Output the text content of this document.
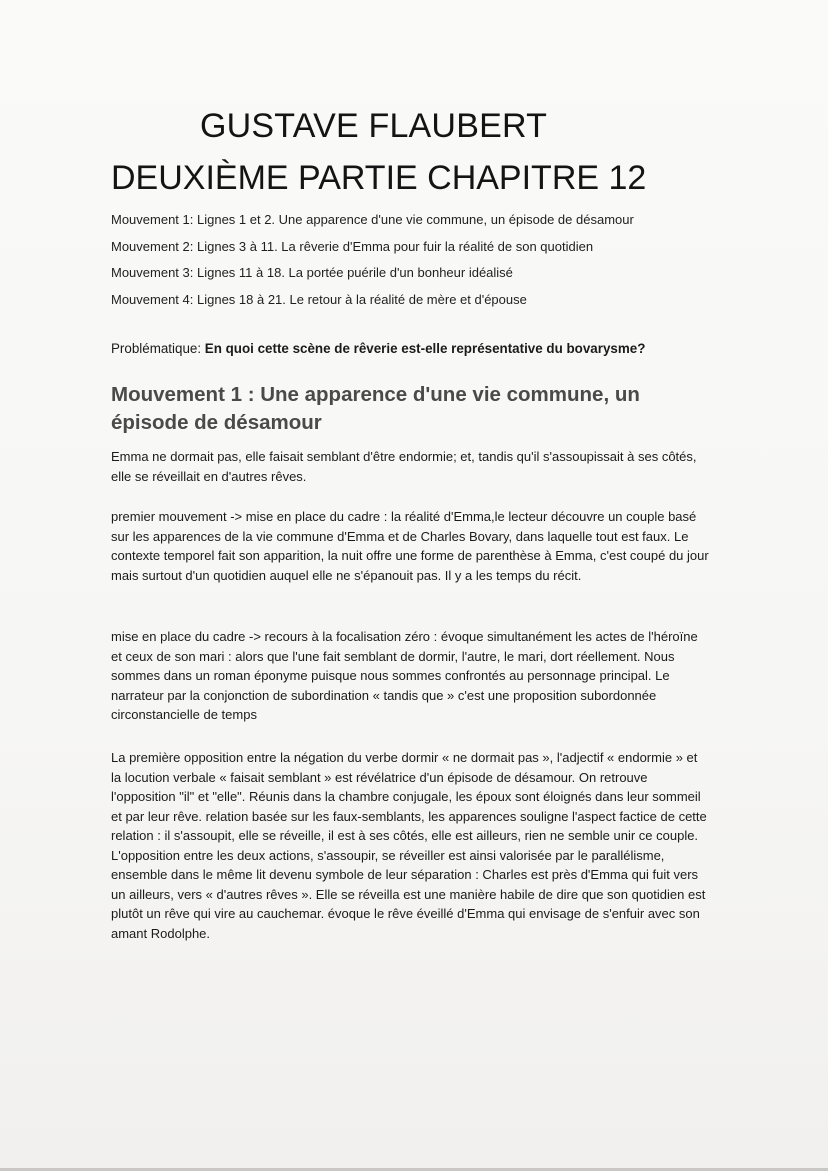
GUSTAVE FLAUBERT
DEUXIÈME PARTIE CHAPITRE 12
Mouvement 1: Lignes 1 et 2. Une apparence d'une vie commune, un épisode de désamour
Mouvement 2: Lignes 3 à 11. La rêverie d'Emma pour fuir la réalité de son quotidien
Mouvement 3: Lignes 11 à 18. La portée puérile d'un bonheur idéalisé
Mouvement 4: Lignes 18 à 21. Le retour à la réalité de mère et d'épouse
Problématique: En quoi cette scène de rêverie est-elle représentative du bovarysme?
Mouvement 1 : Une apparence d'une vie commune, un épisode de désamour

Emma ne dormait pas, elle faisait semblant d'être endormie; et, tandis qu'il s'assoupissait à ses côtés, elle se réveillait en d'autres rêves.

premier mouvement -> mise en place du cadre : la réalité d'Emma,le lecteur découvre un couple basé sur les apparences de la vie commune d'Emma et de Charles Bovary, dans laquelle tout est faux. Le contexte temporel fait son apparition, la nuit offre une forme de parenthèse à Emma, c'est coupé du jour mais surtout d'un quotidien auquel elle ne s'épanouit pas. Il y a les temps du récit.

mise en place du cadre -> recours à la focalisation zéro : évoque simultanément les actes de l'héroïne et ceux de son mari : alors que l'une fait semblant de dormir, l'autre, le mari, dort réellement. Nous sommes dans un roman éponyme puisque nous sommes confrontés au personnage principal. Le narrateur par la conjonction de subordination « tandis que » c'est une proposition subordonnée circonstancielle de temps

La première opposition entre la négation du verbe dormir « ne dormait pas », l'adjectif « endormie » et la locution verbale « faisait semblant » est révélatrice d'un épisode de désamour. On retrouve l'opposition "il" et "elle". Réunis dans la chambre conjugale, les époux sont éloignés dans leur sommeil et par leur rêve. relation basée sur les faux-semblants, les apparences souligne l'aspect factice de cette relation : il s'assoupit, elle se réveille, il est à ses côtés, elle est ailleurs, rien ne semble unir ce couple. L'opposition entre les deux actions, s'assoupir, se réveiller est ainsi valorisée par le parallélisme, ensemble dans le même lit devenu symbole de leur séparation : Charles est près d'Emma qui fuit vers un ailleurs, vers « d'autres rêves ». Elle se réveilla est une manière habile de dire que son quotidien est plutôt un rêve qui vire au cauchemar. évoque le rêve éveillé d'Emma qui envisage de s'enfuir avec son amant Rodolphe.
